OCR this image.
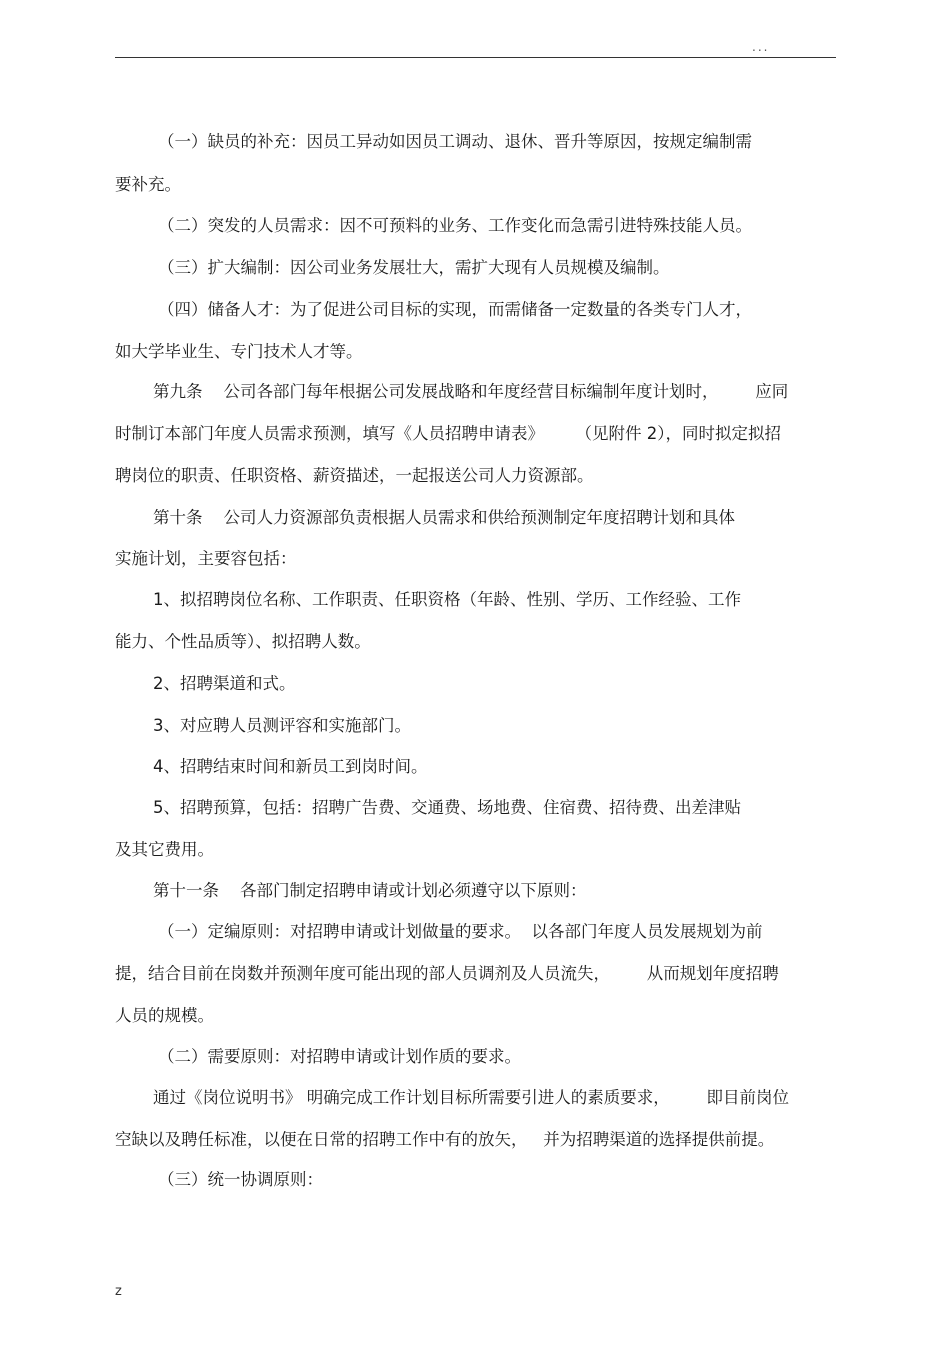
...
（一）缺员的补充：因员工异动如因员工调动、退休、晋升等原因，按规定编制需
要补充。
（二）突发的人员需求：因不可预料的业务、工作变化而急需引进特殊技能人员。
（三）扩大编制：因公司业务发展壮大，需扩大现有人员规模及编制。
（四）储备人才：为了促进公司目标的实现，而需储备一定数量的各类专门人才，
如大学毕业生、专门技术人才等。
第九条    公司各部门每年根据公司发展战略和年度经营目标编制年度计划时，       应同
时制订本部门年度人员需求预测，填写《人员招聘申请表》      （见附件 2），同时拟定拟招
聘岗位的职责、任职资格、薪资描述，一起报送公司人力资源部。
第十条    公司人力资源部负责根据人员需求和供给预测制定年度招聘计划和具体
实施计划，主要容包括：
1、拟招聘岗位名称、工作职责、任职资格（年龄、性别、学历、工作经验、工作
能力、个性品质等）、拟招聘人数。
2、招聘渠道和式。
3、对应聘人员测评容和实施部门。
4、招聘结束时间和新员工到岗时间。
5、招聘预算，包括：招聘广告费、交通费、场地费、住宿费、招待费、出差津贴
及其它费用。
第十一条    各部门制定招聘申请或计划必须遵守以下原则：
（一）定编原则：对招聘申请或计划做量的要求。  以各部门年度人员发展规划为前
提，结合目前在岗数并预测年度可能出现的部人员调剂及人员流失，       从而规划年度招聘
人员的规模。
（二）需要原则：对招聘申请或计划作质的要求。
通过《岗位说明书》 明确完成工作计划目标所需要引进人的素质要求，       即目前岗位
空缺以及聘任标准，以便在日常的招聘工作中有的放矢，   并为招聘渠道的选择提供前提。
（三）统一协调原则：
z
